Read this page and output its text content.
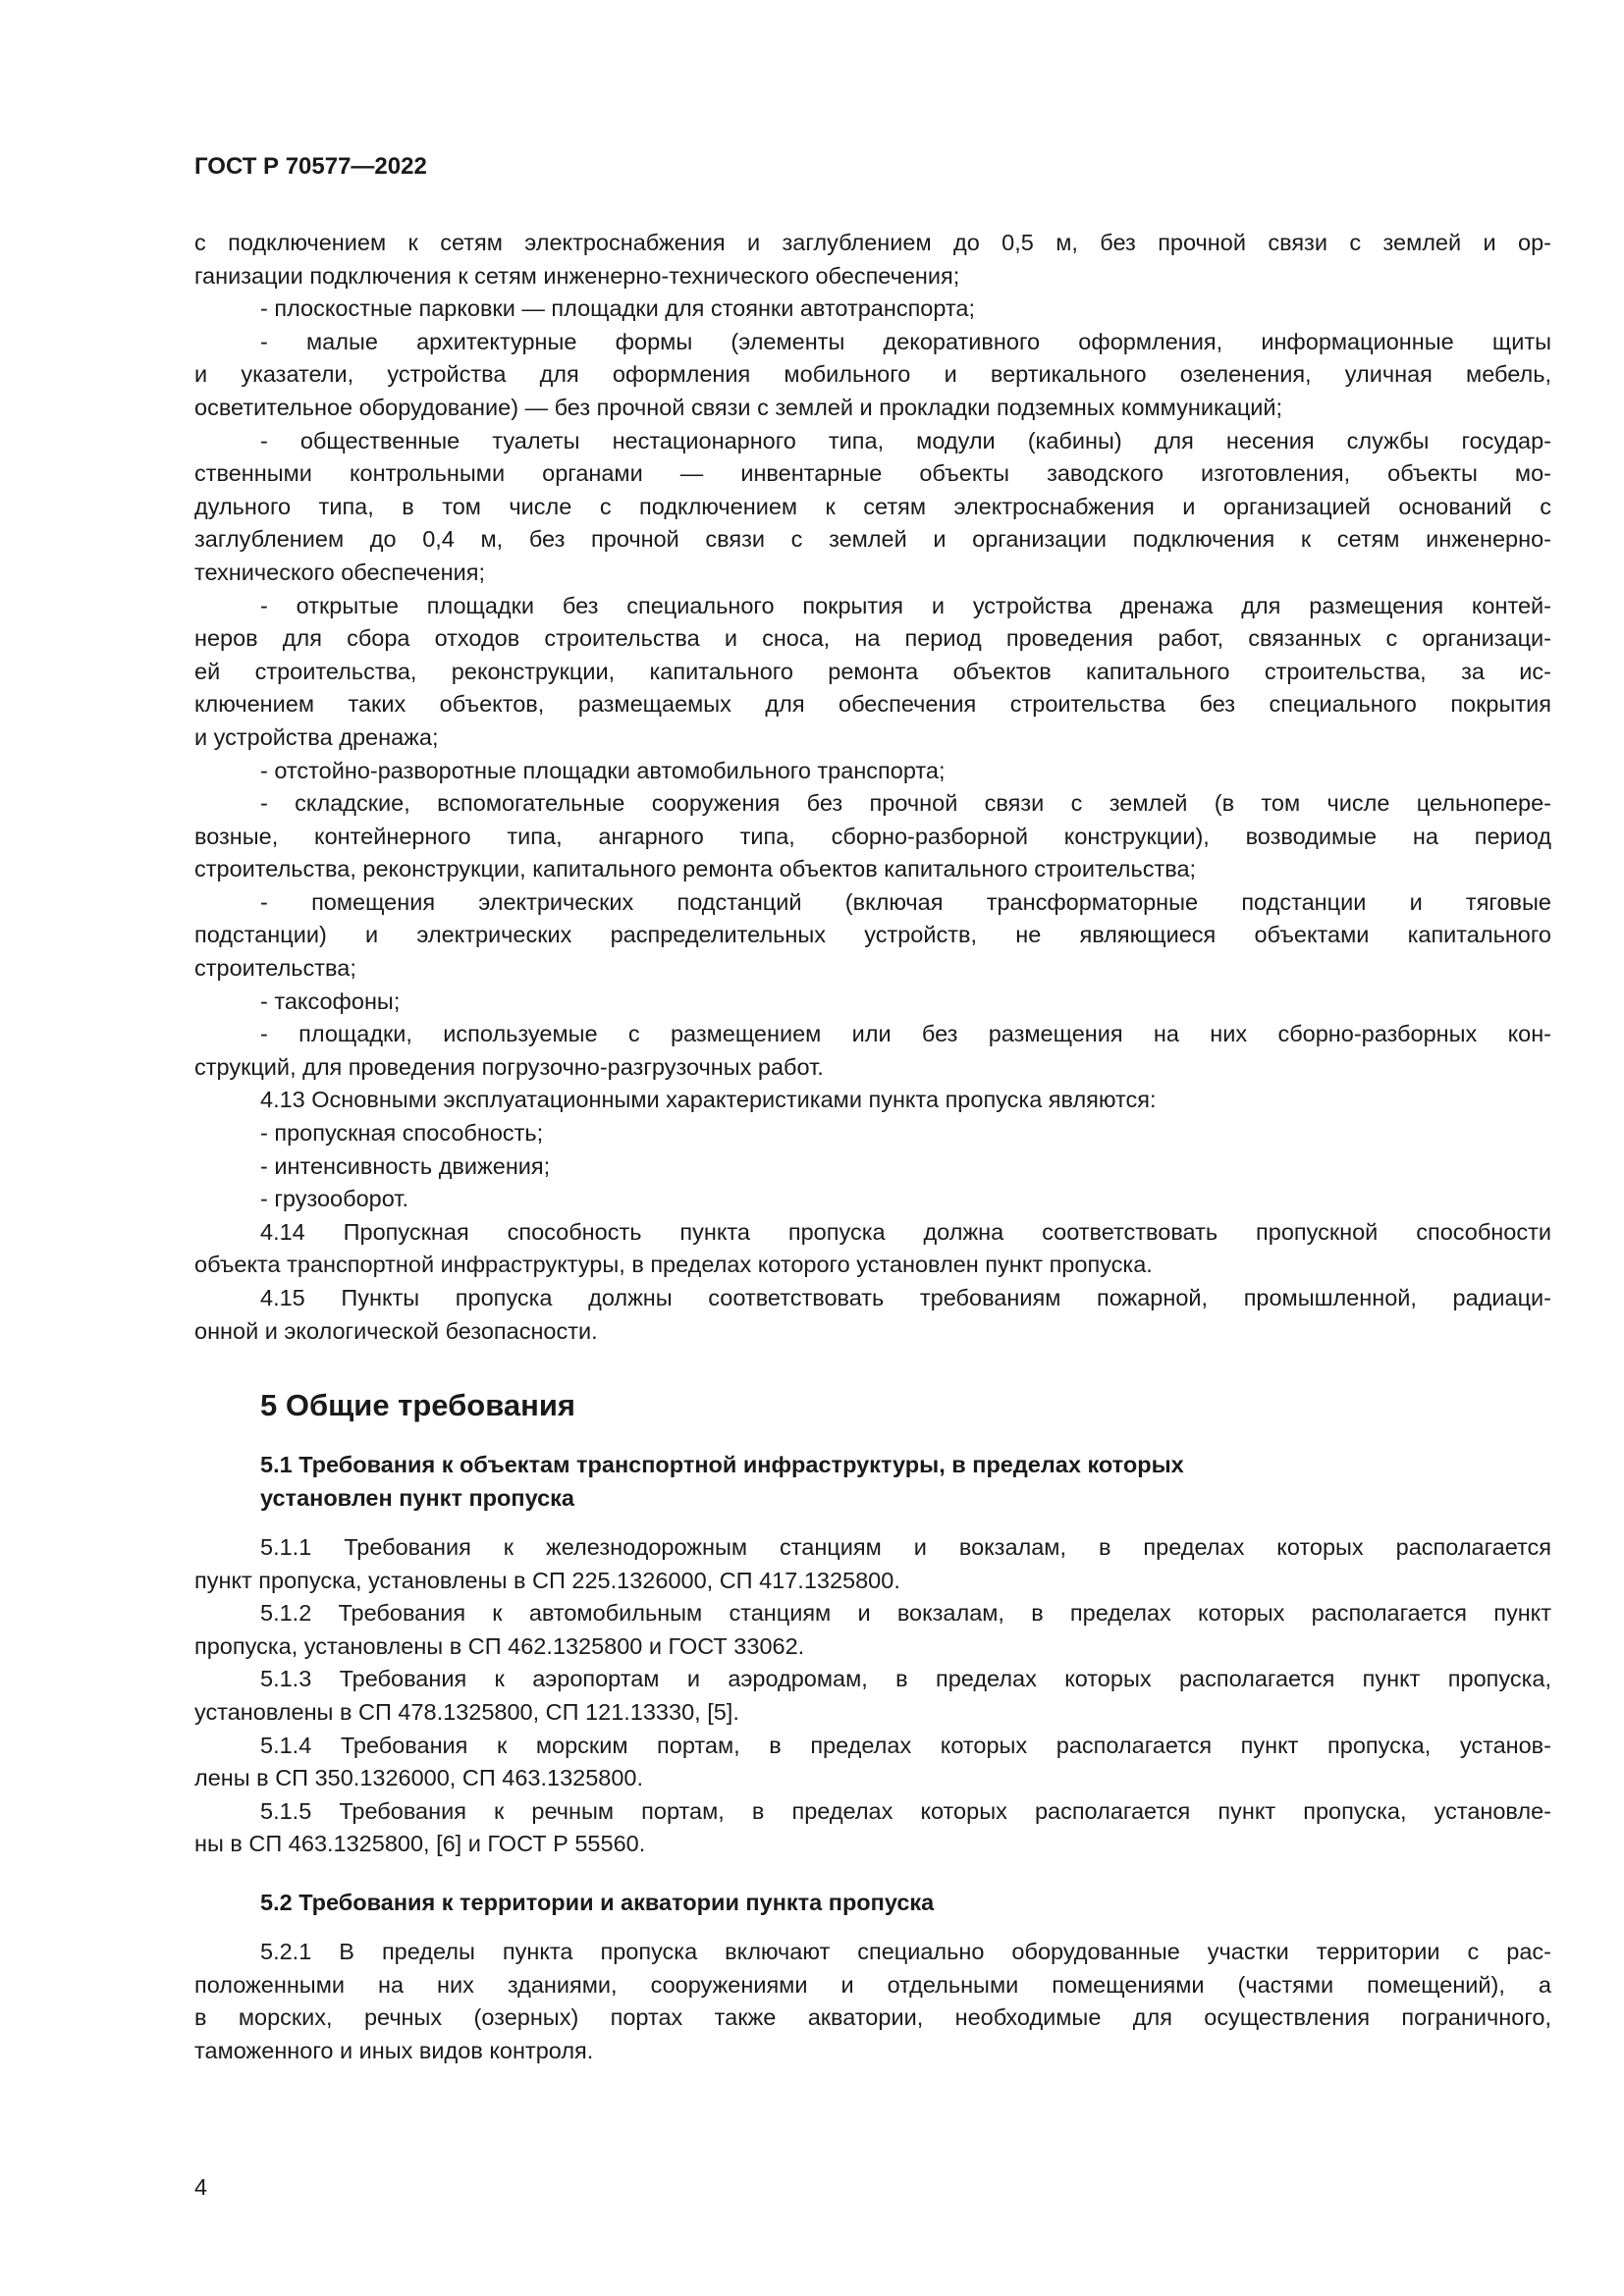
ГОСТ Р 70577—2022
с подключением к сетям электроснабжения и заглублением до 0,5 м, без прочной связи с землей и ор-
ганизации подключения к сетям инженерно-технического обеспечения;
- плоскостные парковки — площадки для стоянки автотранспорта;
- малые архитектурные формы (элементы декоративного оформления, информационные щиты
и указатели, устройства для оформления мобильного и вертикального озеленения, уличная мебель,
осветительное оборудование) — без прочной связи с землей и прокладки подземных коммуникаций;
- общественные туалеты нестационарного типа, модули (кабины) для несения службы государ-
ственными контрольными органами — инвентарные объекты заводского изготовления, объекты мо-
дульного типа, в том числе с подключением к сетям электроснабжения и организацией оснований с
заглублением до 0,4 м, без прочной связи с землей и организации подключения к сетям инженерно-
технического обеспечения;
- открытые площадки без специального покрытия и устройства дренажа для размещения контей-
неров для сбора отходов строительства и сноса, на период проведения работ, связанных с организаци-
ей строительства, реконструкции, капитального ремонта объектов капитального строительства, за ис-
ключением таких объектов, размещаемых для обеспечения строительства без специального покрытия
и устройства дренажа;
- отстойно-разворотные площадки автомобильного транспорта;
- складские, вспомогательные сооружения без прочной связи с землей (в том числе цельнопере-
возные, контейнерного типа, ангарного типа, сборно-разборной конструкции), возводимые на период
строительства, реконструкции, капитального ремонта объектов капитального строительства;
- помещения электрических подстанций (включая трансформаторные подстанции и тяговые
подстанции) и электрических распределительных устройств, не являющиеся объектами капитального
строительства;
- таксофоны;
- площадки, используемые с размещением или без размещения на них сборно-разборных кон-
струкций, для проведения погрузочно-разгрузочных работ.
4.13 Основными эксплуатационными характеристиками пункта пропуска являются:
- пропускная способность;
- интенсивность движения;
- грузооборот.
4.14 Пропускная способность пункта пропуска должна соответствовать пропускной способности
объекта транспортной инфраструктуры, в пределах которого установлен пункт пропуска.
4.15 Пункты пропуска должны соответствовать требованиям пожарной, промышленной, радиаци-
онной и экологической безопасности.
5 Общие требования
5.1 Требования к объектам транспортной инфраструктуры, в пределах которых
установлен пункт пропуска
5.1.1 Требования к железнодорожным станциям и вокзалам, в пределах которых располагается
пункт пропуска, установлены в СП 225.1326000, СП 417.1325800.
5.1.2 Требования к автомобильным станциям и вокзалам, в пределах которых располагается пункт
пропуска, установлены в СП 462.1325800 и ГОСТ 33062.
5.1.3 Требования к аэропортам и аэродромам, в пределах которых располагается пункт пропуска,
установлены в СП 478.1325800, СП 121.13330, [5].
5.1.4 Требования к морским портам, в пределах которых располагается пункт пропуска, установ-
лены в СП 350.1326000, СП 463.1325800.
5.1.5 Требования к речным портам, в пределах которых располагается пункт пропуска, установле-
ны в СП 463.1325800, [6] и ГОСТ Р 55560.
5.2 Требования к территории и акватории пункта пропуска
5.2.1 В пределы пункта пропуска включают специально оборудованные участки территории с рас-
положенными на них зданиями, сооружениями и отдельными помещениями (частями помещений), а
в морских, речных (озерных) портах также акватории, необходимые для осуществления пограничного,
таможенного и иных видов контроля.
4
